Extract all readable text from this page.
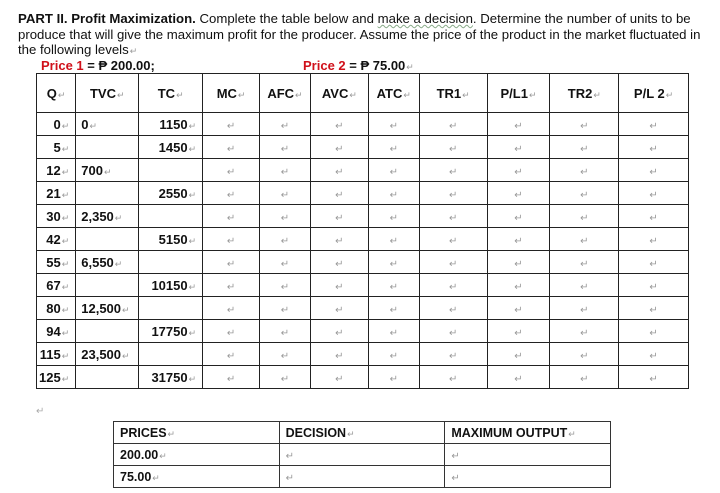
PART II. Profit Maximization. Complete the table below and make a decision. Determine the number of units to be produce that will give the maximum profit for the producer. Assume the price of the product in the market fluctuated in the following levels ↵
Price 1 = ₱ 200.00;	Price 2 = ₱ 75.00 ↵
Q ↵	TVC ↵	TC ↵	MC ↵	AFC ↵	AVC ↵	ATC ↵	TR1 ↵	P/L1 ↵	TR2 ↵	P/L 2 ↵
0 ↵	0 ↵	1150 ↵	↵	↵	↵	↵	↵	↵	↵	↵
5 ↵		1450 ↵	↵	↵	↵	↵	↵	↵	↵	↵
12 ↵	700 ↵		↵	↵	↵	↵	↵	↵	↵	↵
21 ↵		2550 ↵	↵	↵	↵	↵	↵	↵	↵	↵
30 ↵	2,350 ↵		↵	↵	↵	↵	↵	↵	↵	↵
42 ↵		5150 ↵	↵	↵	↵	↵	↵	↵	↵	↵
55 ↵	6,550 ↵		↵	↵	↵	↵	↵	↵	↵	↵
67 ↵		10150 ↵	↵	↵	↵	↵	↵	↵	↵	↵
80 ↵	12,500 ↵		↵	↵	↵	↵	↵	↵	↵	↵
94 ↵		17750 ↵	↵	↵	↵	↵	↵	↵	↵	↵
115 ↵	23,500 ↵		↵	↵	↵	↵	↵	↵	↵	↵
125 ↵		31750 ↵	↵	↵	↵	↵	↵	↵	↵	↵
PRICES ↵	DECISION ↵	MAXIMUM OUTPUT ↵
200.00 ↵	↵	↵
75.00 ↵	↵	↵
↵
